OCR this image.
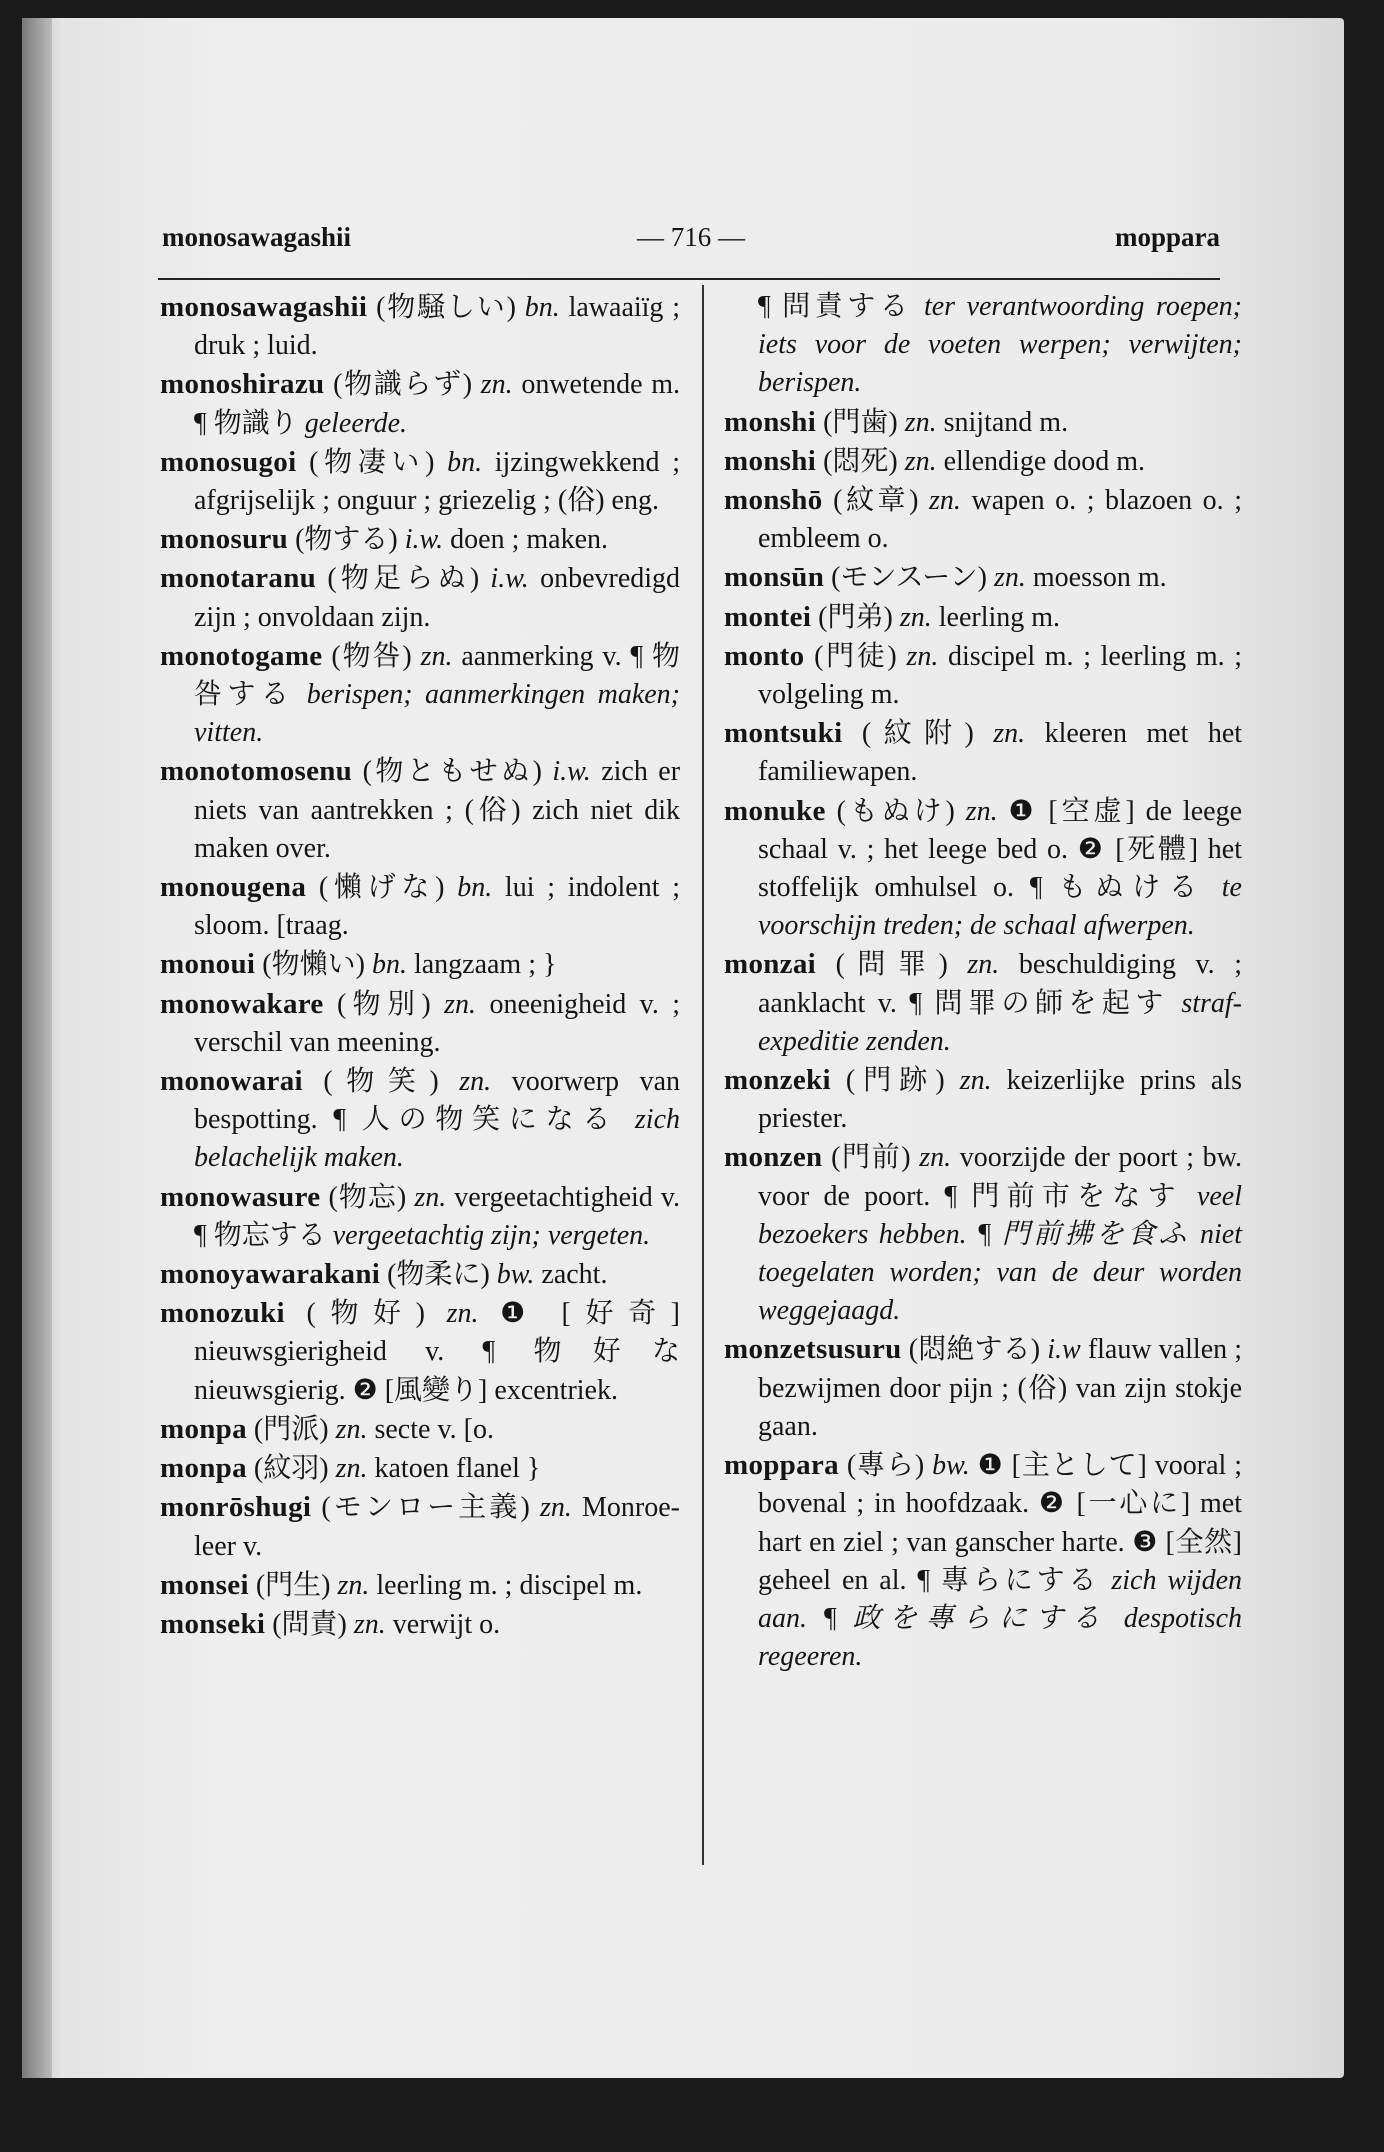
monosawagashii	— 716 —	moppara

monosawagashii (物騒しい) bn. lawaaiïg ; druk ; luid.

monoshirazu (物識らず) zn. onwetende m. ¶ 物識り geleerde.

monosugoi (物凄い) bn. ijzingwekkend ; afgrijselijk ; onguur ; griezelig ; (俗) eng.

monosuru (物する) i.w. doen ; maken.

monotaranu (物足らぬ) i.w. onbevredigd zijn ; onvoldaan zijn.

monotogame (物咎) zn. aanmerking v. ¶ 物咎する berispen; aanmerkingen maken; vitten.

monotomosenu (物ともせぬ) i.w. zich er niets van aantrekken ; (俗) zich niet dik maken over.

monougena (懶げな) bn. lui ; indolent ; sloom. [traag.

monoui (物懶い) bn. langzaam ; }

monowakare (物別) zn. oneenigheid v. ; verschil van meening.

monowarai (物笑) zn. voorwerp van bespotting. ¶ 人の物笑になる zich belachelijk maken.

monowasure (物忘) zn. vergeetachtigheid v. ¶ 物忘する vergeetachtig zijn; vergeten.

monoyawarakani (物柔に) bw. zacht.

monozuki (物好) zn. ❶ [好奇] nieuwsgierigheid v. ¶ 物好な nieuwsgierig. ❷ [風變り] excentriek.

monpa (門派) zn. secte v. [o.

monpa (紋羽) zn. katoen flanel }

monrōshugi (モンロー主義) zn. Monroe-leer v.

monsei (門生) zn. leerling m. ; discipel m.

monseki (問責) zn. verwijt o.

¶ 問責する ter verantwoording roepen; iets voor de voeten werpen; verwijten; berispen.

monshi (門歯) zn. snijtand m.

monshi (悶死) zn. ellendige dood m.

monshō (紋章) zn. wapen o. ; blazoen o. ; embleem o.

monsūn (モンスーン) zn. moesson m.

montei (門弟) zn. leerling m.

monto (門徒) zn. discipel m. ; leerling m. ; volgeling m.

montsuki (紋附) zn. kleeren met het familiewapen.

monuke (もぬけ) zn. ❶ [空虚] de leege schaal v. ; het leege bed o. ❷ [死體] het stoffelijk omhulsel o. ¶ もぬける te voorschijn treden; de schaal afwerpen.

monzai (問罪) zn. beschuldiging v. ; aanklacht v. ¶ 問罪の師を起す straf-expeditie zenden.

monzeki (門跡) zn. keizerlijke prins als priester.

monzen (門前) zn. voorzijde der poort ; bw. voor de poort. ¶ 門前市をなす veel bezoekers hebben. ¶ 門前拂を食ふ niet toegelaten worden; van de deur worden weggejaagd.

monzetsusuru (悶絶する) i.w flauw vallen ; bezwijmen door pijn ; (俗) van zijn stokje gaan.

moppara (專ら) bw. ❶ [主として] vooral ; bovenal ; in hoofdzaak. ❷ [一心に] met hart en ziel ; van ganscher harte. ❸ [全然] geheel en al. ¶ 專らにする zich wijden aan. ¶ 政を專らにする despotisch regeeren.
